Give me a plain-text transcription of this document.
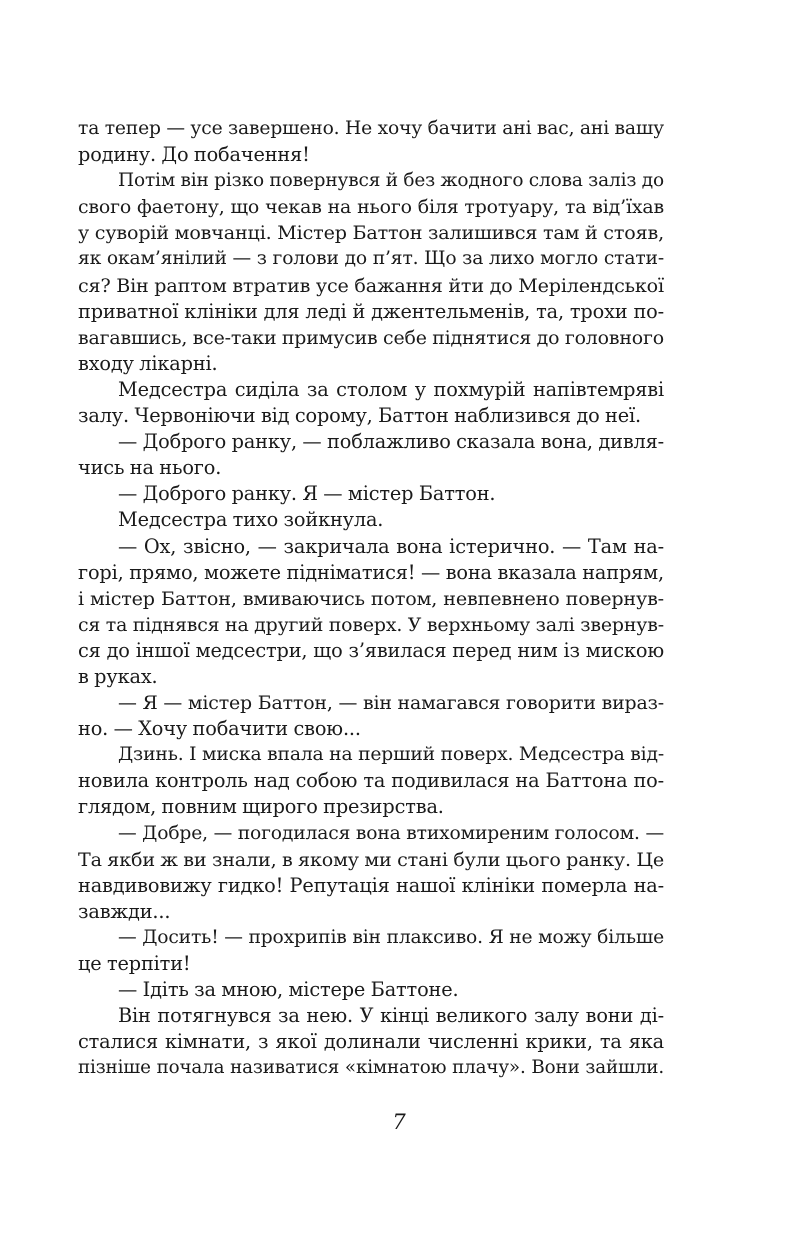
та тепер — усе завершено. Не хочу бачити ані вас, ані вашу
родину. До побачення!
Потім він різко повернувся й без жодного слова заліз до
свого фаетону, що чекав на нього біля тротуару, та від’їхав
у суворій мовчанці. Містер Баттон залишився там й стояв,
як окам’янілий — з голови до п’ят. Що за лихо могло стати-
ся? Він раптом втратив усе бажання йти до Мерілендської
приватної клініки для леді й джентельменів, та, трохи по-
вагавшись, все-таки примусив себе піднятися до головного
входу лікарні.
Медсестра сиділа за столом у похмурій напівтемряві
залу. Червоніючи від сорому, Баттон наблизився до неї.
— Доброго ранку, — поблажливо сказала вона, дивля-
чись на нього.
— Доброго ранку. Я — містер Баттон.
Медсестра тихо зойкнула.
— Ох, звісно, — закричала вона істерично. — Там на-
горі, прямо, можете підніматися! — вона вказала напрям,
і містер Баттон, вмиваючись потом, невпевнено повернув-
ся та піднявся на другий поверх. У верхньому залі звернув-
ся до іншої медсестри, що з’явилася перед ним із мискою
в руках.
— Я — містер Баттон, — він намагався говорити вираз-
но. — Хочу побачити свою...
Дзинь. І миска впала на перший поверх. Медсестра від-
новила контроль над собою та подивилася на Баттона по-
глядом, повним щирого презирства.
— Добре, — погодилася вона втихомиреним голосом. —
Та якби ж ви знали, в якому ми стані були цього ранку. Це
навдивовижу гидко! Репутація нашої клініки померла на-
завжди...
— Досить! — прохрипів він плаксиво. Я не можу більше
це терпіти!
— Ідіть за мною, містере Баттоне.
Він потягнувся за нею. У кінці великого залу вони ді-
сталися кімнати, з якої долинали численні крики, та яка
пізніше почала називатися «кімнатою плачу». Вони зайшли.
7
